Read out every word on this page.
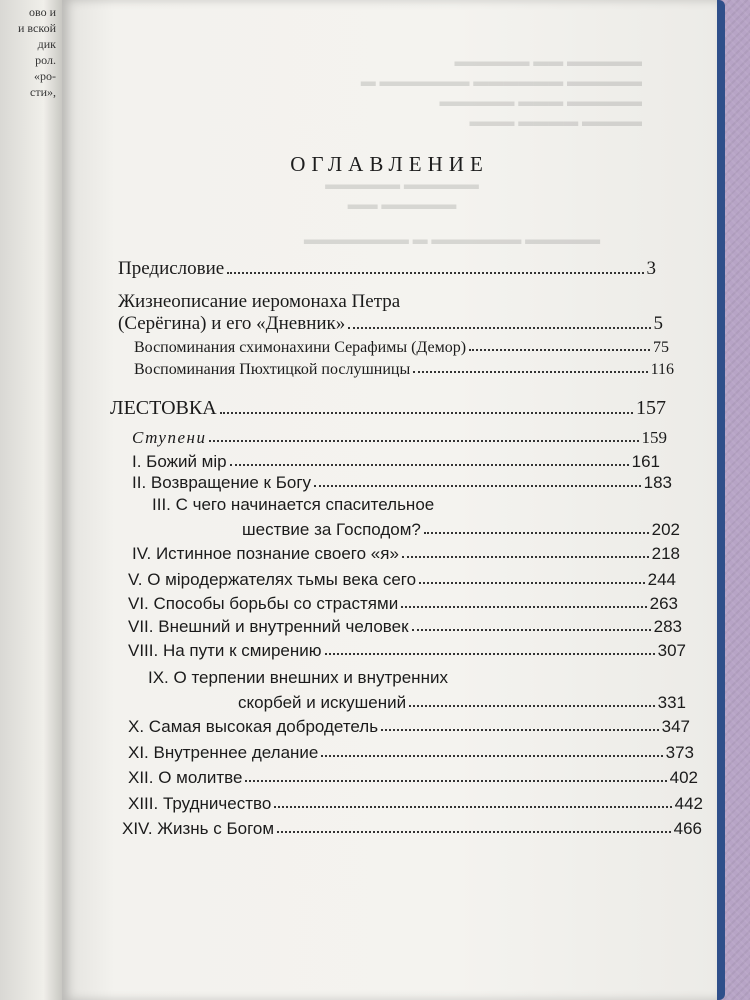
ово и
и вской
дик
рол.
«ро-
сти»,
▬▬▬▬▬ ▬▬ ▬▬▬▬▬
▬ ▬▬▬▬▬▬ ▬▬▬▬▬▬ ▬▬▬▬▬
▬▬▬▬▬ ▬▬▬ ▬▬▬▬▬
▬▬▬ ▬▬▬▬ ▬▬▬▬
▬▬▬▬▬ ▬▬▬▬▬
▬▬ ▬▬▬▬▬
▬▬▬▬▬▬▬ ▬ ▬▬▬▬▬▬ ▬▬▬▬▬
ОГЛАВЛЕНИЕ
Предисловие	3
Жизнеописание иеромонаха Петра
(Серёгина) и его «Дневник»	5
Воспоминания схимонахини Серафимы (Демор)	75
Воспоминания Пюхтицкой послушницы	116
ЛЕСТОВКА	157
Ступени	159
I. Божий мiр	161
II. Возвращение к Богу	183
III. С чего начинается спасительное
шествие за Господом?	202
IV. Истинное познание своего «я»	218
V. О мiродержателях тьмы века сего	244
VI. Способы борьбы со страстями	263
VII. Внешний и внутренний человек	283
VIII. На пути к смирению	307
IX. О терпении внешних и внутренних
скорбей и искушений	331
X. Самая высокая добродетель	347
XI. Внутреннее делание	373
XII. О молитве	402
XIII. Трудничество	442
XIV. Жизнь с Богом	466
